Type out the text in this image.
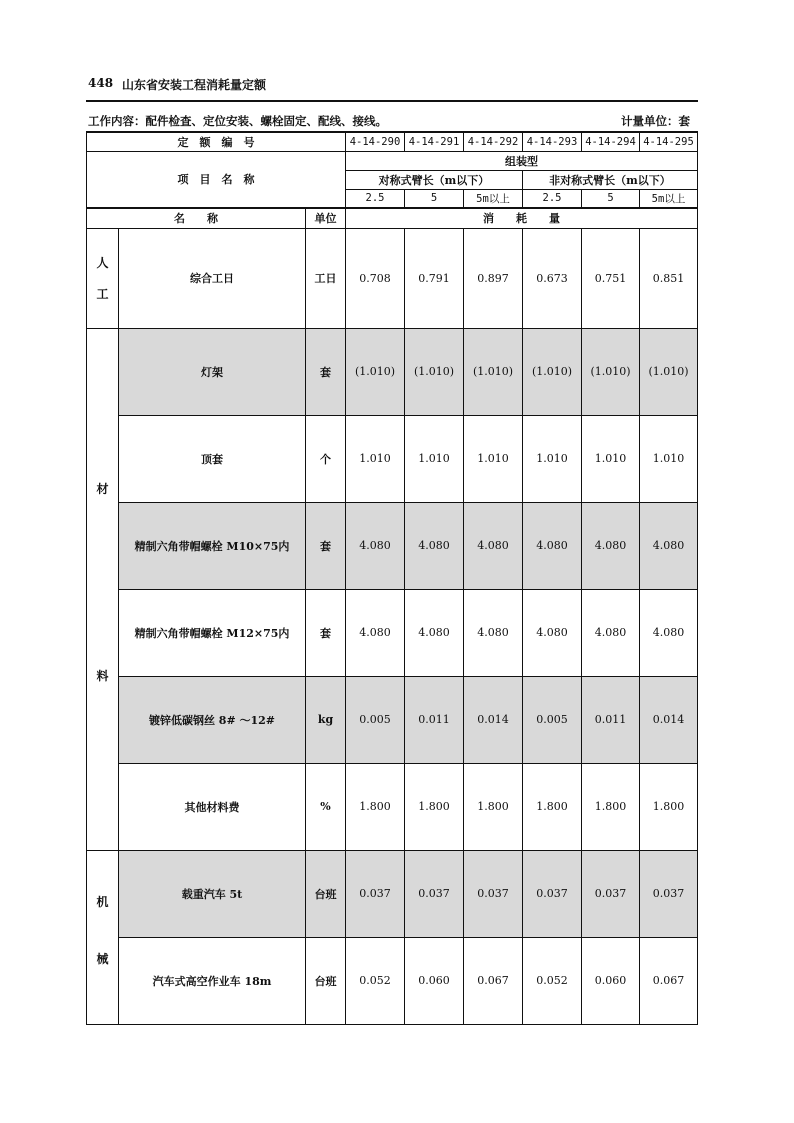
448 山东省安装工程消耗量定额
工作内容：配件检查、定位安装、螺栓固定、配线、接线。	计量单位：套
定　额　编　号			4-14-290	4-14-291	4-14-292	4-14-293	4-14-294	4-14-295
项　目　名　称			组装型					
			对称式臂长（m以下）			非对称式臂长（m以下）		
			2.5	5	5m以上	2.5	5	5m以上
名　　称		单位	消　　耗　　量					

人
工	综合工日	工日	0.708	0.791	0.897	0.673	0.751	0.851

材
料	灯架	套	(1.010)	(1.010)	(1.010)	(1.010)	(1.010)	(1.010)
	顶套	个	1.010	1.010	1.010	1.010	1.010	1.010
	精制六角带帽螺栓 M10×75内	套	4.080	4.080	4.080	4.080	4.080	4.080
	精制六角带帽螺栓 M12×75内	套	4.080	4.080	4.080	4.080	4.080	4.080
	镀锌低碳钢丝 8# ～12#	kg	0.005	0.011	0.014	0.005	0.011	0.014
	其他材料费	%	1.800	1.800	1.800	1.800	1.800	1.800

机
械	载重汽车 5t	台班	0.037	0.037	0.037	0.037	0.037	0.037
	汽车式高空作业车 18m	台班	0.052	0.060	0.067	0.052	0.060	0.067
